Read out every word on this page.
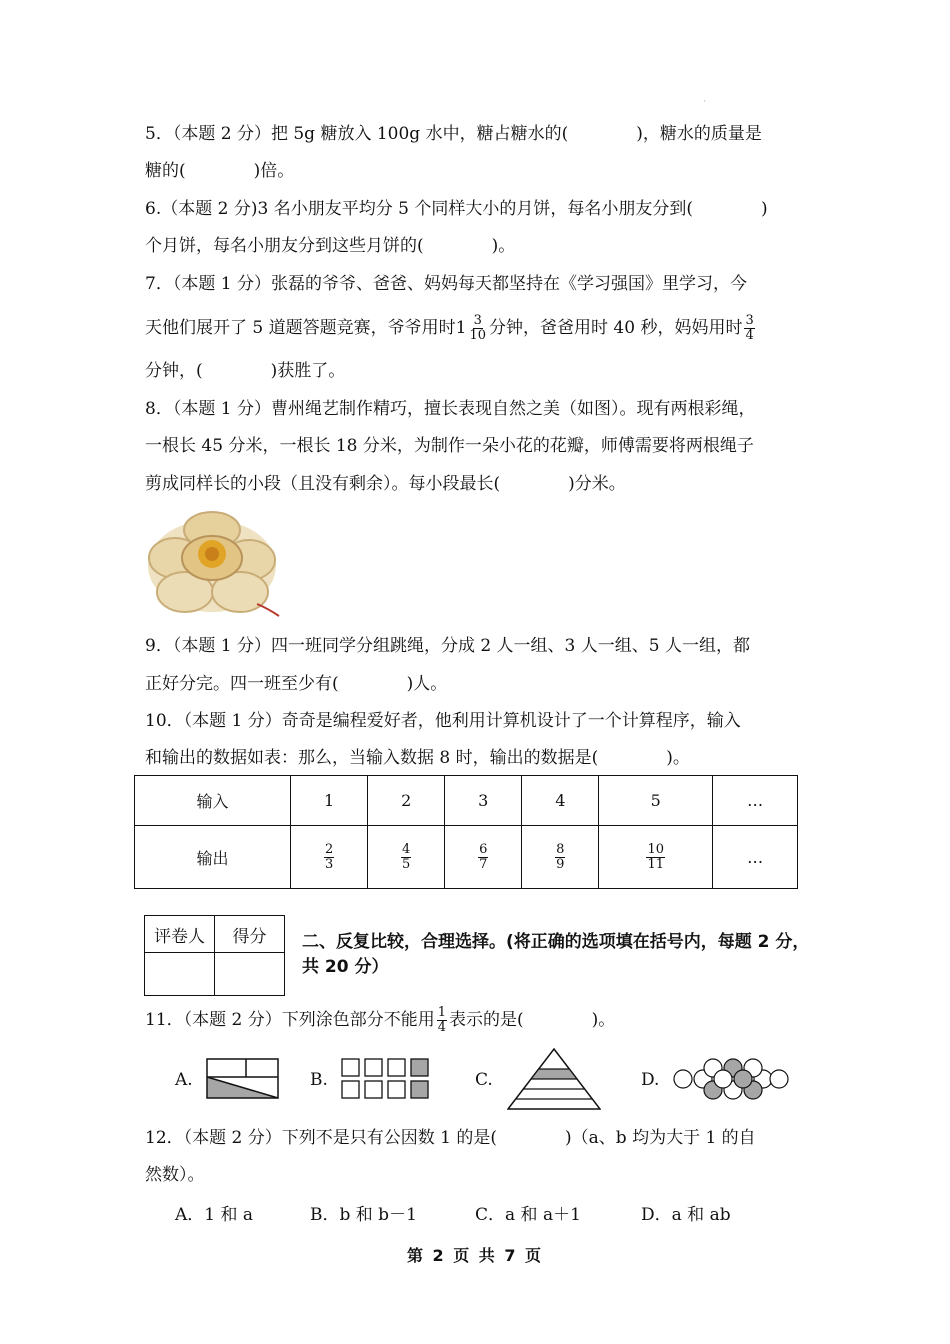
'
5．（本题 2 分）把 5g 糖放入 100g 水中，糖占糖水的(　　　　)，糖水的质量是
糖的(　　　　)倍。
6.（本题 2 分)3 名小朋友平均分 5 个同样大小的月饼，每名小朋友分到(　　　　)
个月饼，每名小朋友分到这些月饼的(　　　　)。
7．（本题 1 分）张磊的爷爷、爸爸、妈妈每天都坚持在《学习强国》里学习，今
天他们展开了 5 道题答题竞赛，爷爷用时$1 \frac{3}{10}$ 分钟，爸爸用时 40 秒，妈妈用时 $\frac{3}{4}$
分钟，(　　　　)获胜了。
8．（本题 1 分）曹州绳艺制作精巧，擅长表现自然之美（如图）。现有两根彩绳，
一根长 45 分米，一根长 18 分米，为制作一朵小花的花瓣，师傅需要将两根绳子
剪成同样长的小段（且没有剩余）。每小段最长(　　　　)分米。
9．（本题 1 分）四一班同学分组跳绳，分成 2 人一组、3 人一组、5 人一组，都
正好分完。四一班至少有(　　　　)人。
10．（本题 1 分）奇奇是编程爱好者，他利用计算机设计了一个计算程序，输入
和输出的数据如表：那么，当输入数据 8 时，输出的数据是(　　　　)。
输入	1	2	3	4	5	…
输出	$\frac{2}{3}$	$\frac{4}{5}$	$\frac{6}{7}$	$\frac{8}{9}$	$\frac{10}{11}$	…
评卷人	得分
	二、反复比较，合理选择。(将正确的选项填在括号内，每题 2 分，共 20 分）
11．（本题 2 分）下列涂色部分不能用 $\frac{1}{4}$ 表示的是(　　　　)。
A.	B.	C.	D.
12．（本题 2 分）下列不是只有公因数 1 的是(　　　　)（a、b 均为大于 1 的自
然数）。
A．1 和 a	B．b 和 b－1	C．a 和 a＋1	D．a 和 ab
第 2 页 共 7 页
